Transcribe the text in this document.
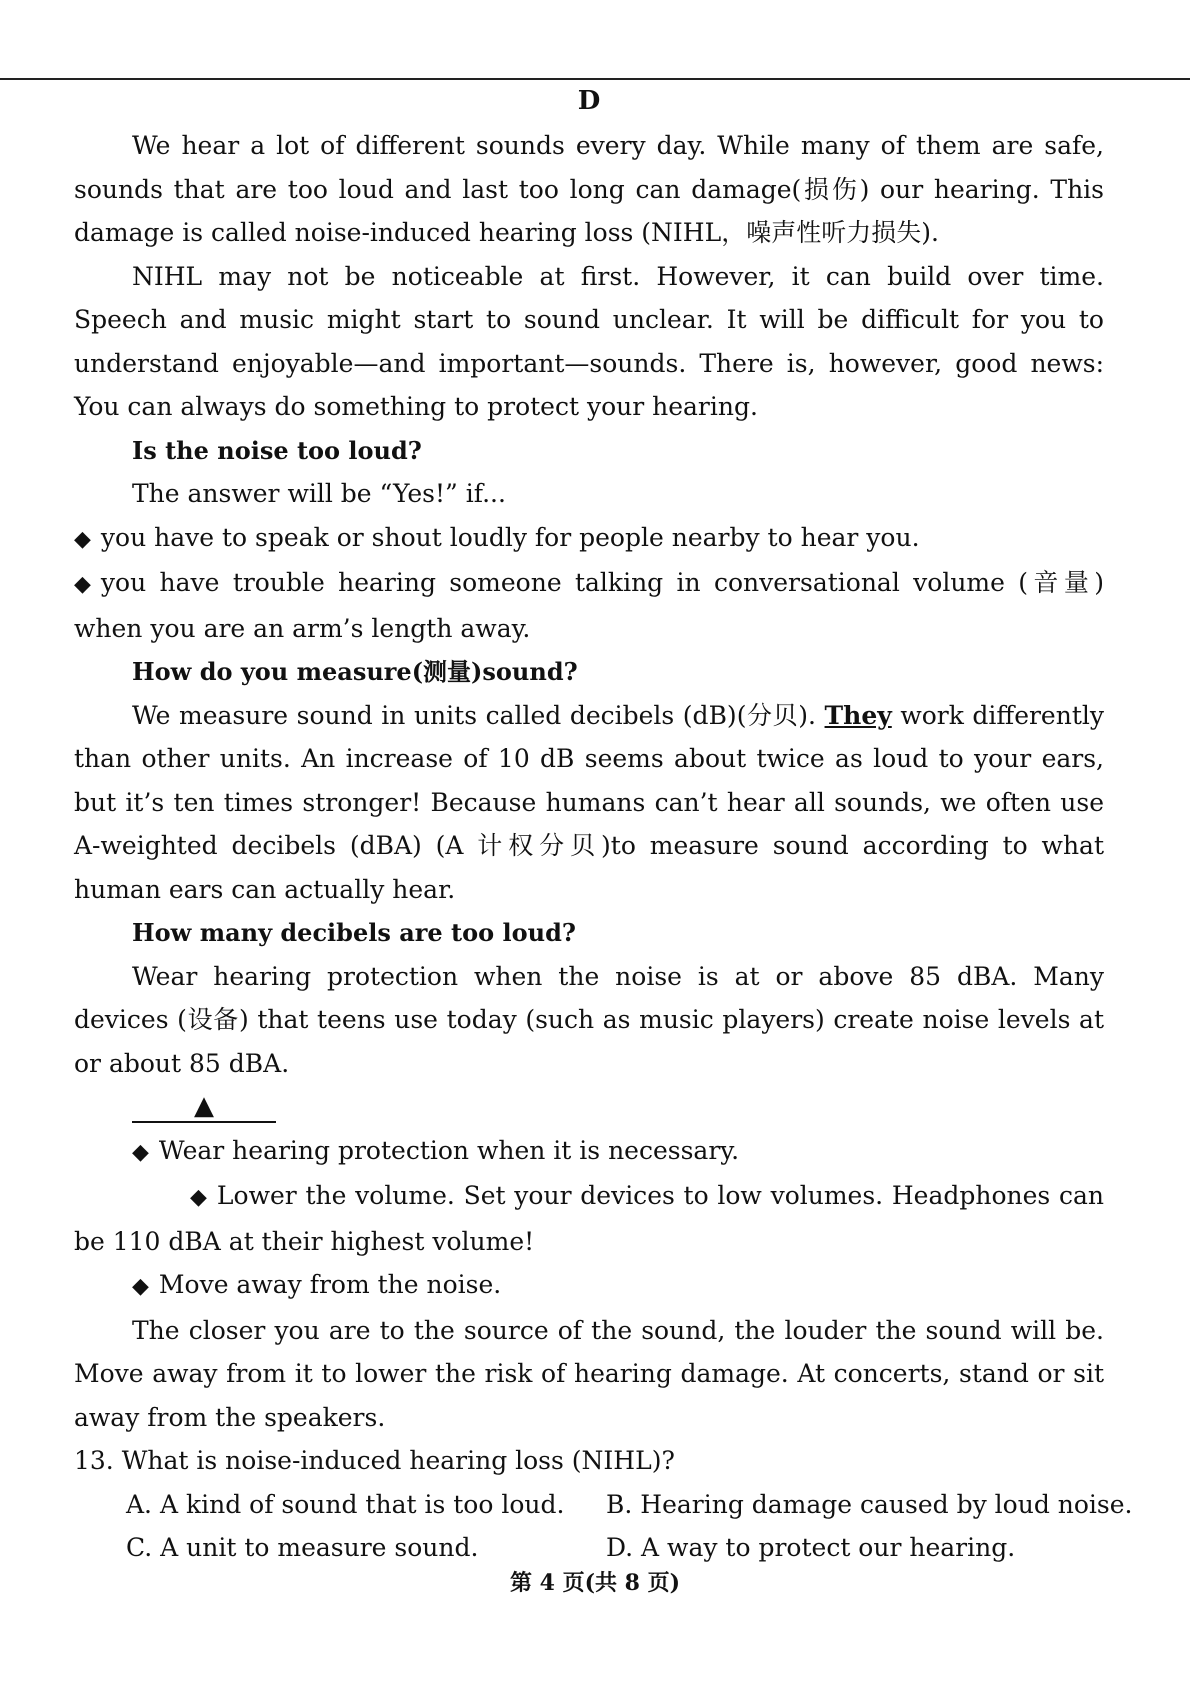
D

We hear a lot of different sounds every day. While many of them are safe, sounds that are too loud and last too long can damage(损伤) our hearing. This damage is called noise-induced hearing loss (NIHL，噪声性听力损失).

NIHL may not be noticeable at first. However, it can build over time. Speech and music might start to sound unclear. It will be difficult for you to understand enjoyable—and important—sounds. There is, however, good news: You can always do something to protect your hearing.

Is the noise too loud?

The answer will be “Yes!” if...

◆ you have to speak or shout loudly for people nearby to hear you.

◆ you have trouble hearing someone talking in conversational volume (音量) when you are an arm’s length away.

How do you measure(测量)sound?

We measure sound in units called decibels (dB)(分贝). They work differently than other units. An increase of 10 dB seems about twice as loud to your ears, but it’s ten times stronger! Because humans can’t hear all sounds, we often use A-weighted decibels (dBA) (A 计权分贝)to measure sound according to what human ears can actually hear.

How many decibels are too loud?

Wear hearing protection when the noise is at or above 85 dBA. Many devices (设备) that teens use today (such as music players) create noise levels at or about 85 dBA.

▲

◆ Wear hearing protection when it is necessary.

◆ Lower the volume. Set your devices to low volumes. Headphones can be 110 dBA at their highest volume!

◆ Move away from the noise.

The closer you are to the source of the sound, the louder the sound will be. Move away from it to lower the risk of hearing damage. At concerts, stand or sit away from the speakers.

13. What is noise-induced hearing loss (NIHL)?

A. A kind of sound that is too loud.	B. Hearing damage caused by loud noise.
C. A unit to measure sound.	D. A way to protect our hearing.
第 4 页(共 8 页)
